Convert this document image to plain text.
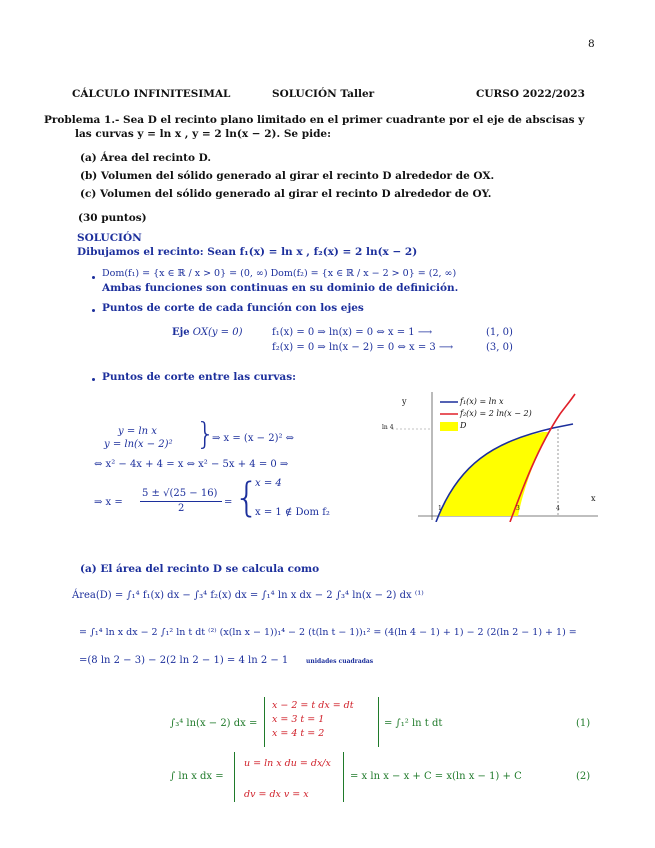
8
CÁLCULO INFINITESIMAL	SOLUCIÓN Taller	CURSO 2022/2023
Problema 1.- Sea D el recinto plano limitado en el primer cuadrante por el eje de abscisas y
las curvas y = ln x , y = 2 ln(x − 2). Se pide:
(a) Área del recinto D.
(b) Volumen del sólido generado al girar el recinto D alrededor de OX.
(c) Volumen del sólido generado al girar el recinto D alrededor de OY.
(30 puntos)
SOLUCIÓN
Dibujamos el recinto: Sean f₁(x) = ln x , f₂(x) = 2 ln(x − 2)
Dom(f₁) = {x ∈ ℝ / x > 0} = (0, ∞) Dom(f₂) = {x ∈ ℝ / x − 2 > 0} = (2, ∞)
Ambas funciones son continuas en su dominio de definición.
Puntos de corte de cada función con los ejes
Eje OX(y = 0)	f₁(x) = 0 ⇒ ln(x) = 0 ⇔ x = 1 ⟶	(1, 0)
f₂(x) = 0 ⇒ ln(x − 2) = 0 ⇔ x = 3 ⟶	(3, 0)
Puntos de corte entre las curvas:
y = ln x
y = ln(x − 2)² }
⇒ x = (x − 2)² ⇔
⇔ x² − 4x + 4 = x ⇔ x² − 5x + 4 = 0 ⇒
⇒ x =
5 ± √(25 − 16)
2
= {
x = 4
x = 1 ∉ Dom f₂
y
x
ln 4
f₁(x) = ln x
f₂(x) = 2 ln(x − 2)
D
1	3	4
(a) El área del recinto D se calcula como
Área(D) = ∫₁⁴ f₁(x) dx − ∫₃⁴ f₂(x) dx = ∫₁⁴ ln x dx − 2 ∫₃⁴ ln(x − 2) dx ⁽¹⁾
= ∫₁⁴ ln x dx − 2 ∫₁² ln t dt ⁽²⁾ (x(ln x − 1))₁⁴ − 2 (t(ln t − 1))₁² = (4(ln 4 − 1) + 1) − 2 (2(ln 2 − 1) + 1) =
=(8 ln 2 − 3) − 2(2 ln 2 − 1) = 4 ln 2 − 1	unidades cuadradas
∫₃⁴ ln(x − 2) dx =
x − 2 = t dx = dt
x = 3 t = 1
x = 4 t = 2
= ∫₁² ln t dt	(1)
∫ ln x dx =
u = ln x du = dx/x
dv = dx v = x
= x ln x − x + C = x(ln x − 1) + C	(2)
